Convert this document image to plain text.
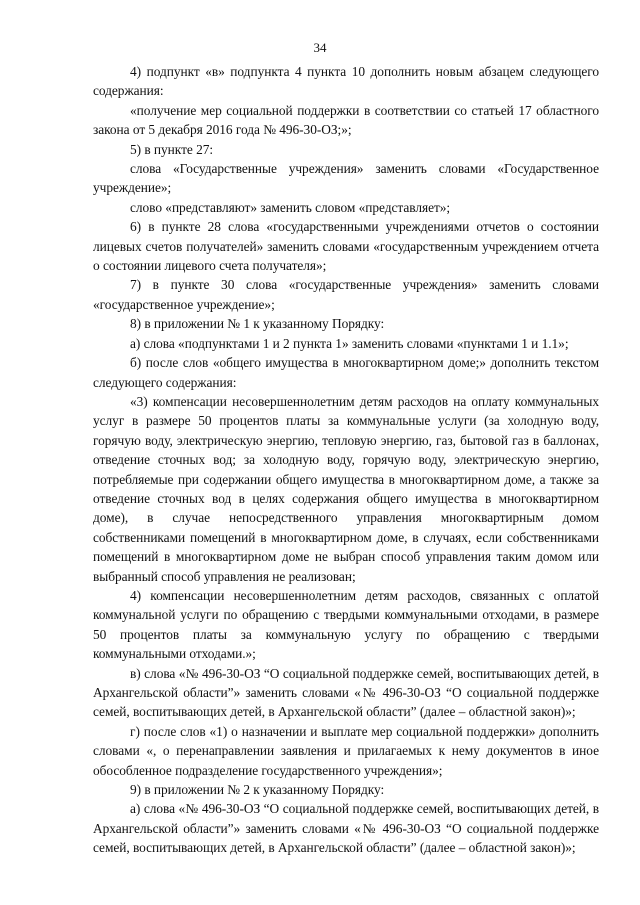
34

4) подпункт «в» подпункта 4 пункта 10 дополнить новым абзацем следующего содержания:

«получение мер социальной поддержки в соответствии со статьей 17 областного закона от 5 декабря 2016 года № 496-30-ОЗ;»;

5) в пункте 27:

слова «Государственные учреждения» заменить словами «Государственное учреждение»;

слово «представляют» заменить словом «представляет»;

6) в пункте 28 слова «государственными учреждениями отчетов о состоянии лицевых счетов получателей» заменить словами «государственным учреждением отчета о состоянии лицевого счета получателя»;

7) в пункте 30 слова «государственные учреждения» заменить словами «государственное учреждение»;

8) в приложении № 1 к указанному Порядку:

а) слова «подпунктами 1 и 2 пункта 1» заменить словами «пунктами 1 и 1.1»;

б) после слов «общего имущества в многоквартирном доме;» дополнить текстом следующего содержания:

«3) компенсации несовершеннолетним детям расходов на оплату коммунальных услуг в размере 50 процентов платы за коммунальные услуги (за холодную воду, горячую воду, электрическую энергию, тепловую энергию, газ, бытовой газ в баллонах, отведение сточных вод; за холодную воду, горячую воду, электрическую энергию, потребляемые при содержании общего имущества в многоквартирном доме, а также за отведение сточных вод в целях содержания общего имущества в многоквартирном доме), в случае непосредственного управления многоквартирным домом собственниками помещений в многоквартирном доме, в случаях, если собственниками помещений в многоквартирном доме не выбран способ управления таким домом или выбранный способ управления не реализован;

4) компенсации несовершеннолетним детям расходов, связанных с оплатой коммунальной услуги по обращению с твердыми коммунальными отходами, в размере 50 процентов платы за коммунальную услугу по обращению с твердыми коммунальными отходами.»;

в) слова «№ 496-30-ОЗ “О социальной поддержке семей, воспитывающих детей, в Архангельской области”» заменить словами «№ 496-30-ОЗ “О социальной поддержке семей, воспитывающих детей, в Архангельской области” (далее – областной закон)»;

г) после слов «1) о назначении и выплате мер социальной поддержки» дополнить словами «, о перенаправлении заявления и прилагаемых к нему документов в иное обособленное подразделение государственного учреждения»;

9) в приложении № 2 к указанному Порядку:

а) слова «№ 496-30-ОЗ “О социальной поддержке семей, воспитывающих детей, в Архангельской области”» заменить словами «№ 496-30-ОЗ “О социальной поддержке семей, воспитывающих детей, в Архангельской области” (далее – областной закон)»;
